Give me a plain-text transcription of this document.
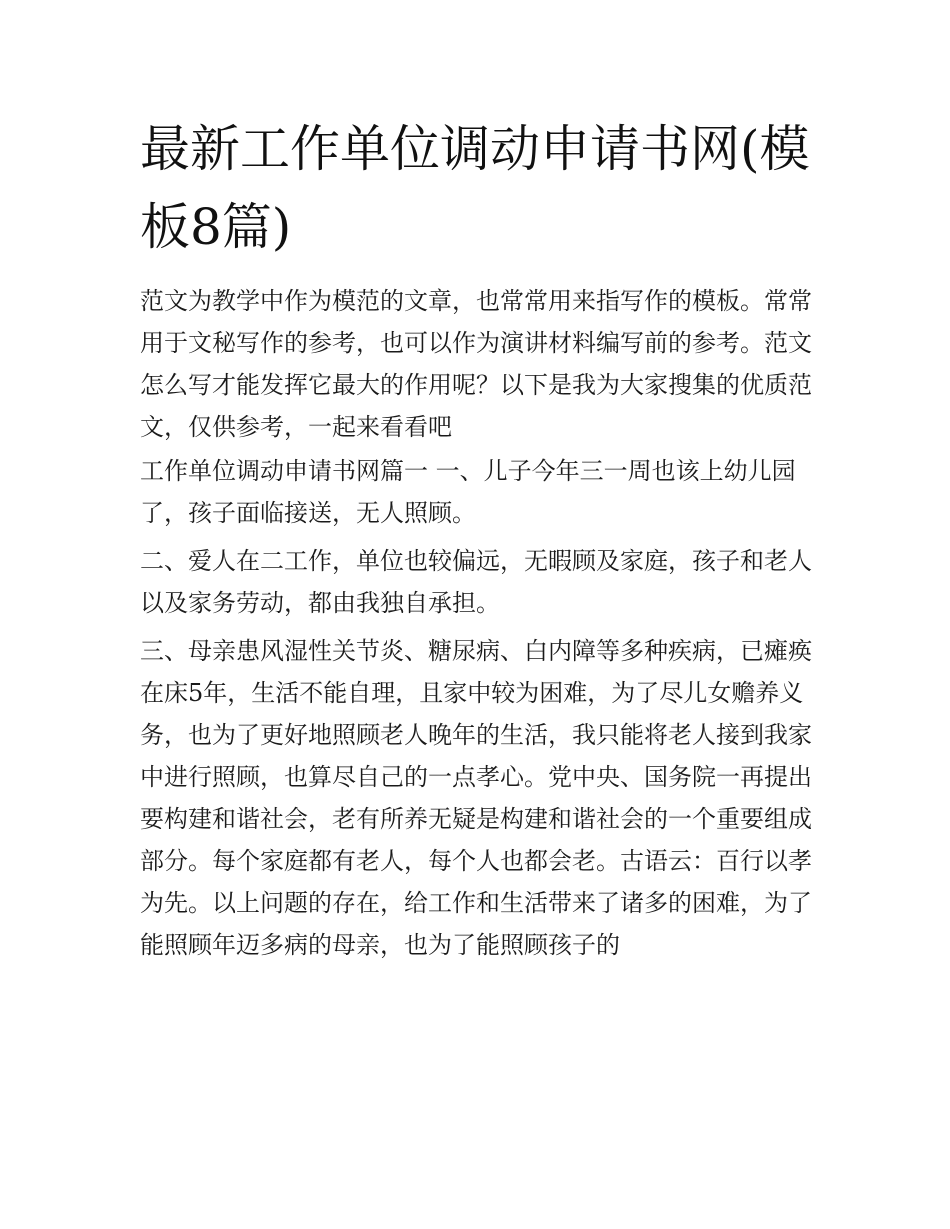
最新工作单位调动申请书网(模板8篇)

范文为教学中作为模范的文章，也常常用来指写作的模板。常常用于文秘写作的参考，也可以作为演讲材料编写前的参考。范文怎么写才能发挥它最大的作用呢？以下是我为大家搜集的优质范文，仅供参考，一起来看看吧

工作单位调动申请书网篇一 一、儿子今年三一周也该上幼儿园了，孩子面临接送，无人照顾。

二、爱人在二工作，单位也较偏远，无暇顾及家庭，孩子和老人以及家务劳动，都由我独自承担。

三、母亲患风湿性关节炎、糖尿病、白内障等多种疾病，已瘫痪在床5年，生活不能自理，且家中较为困难，为了尽儿女赡养义务，也为了更好地照顾老人晚年的生活，我只能将老人接到我家中进行照顾，也算尽自己的一点孝心。党中央、国务院一再提出要构建和谐社会，老有所养无疑是构建和谐社会的一个重要组成部分。每个家庭都有老人，每个人也都会老。古语云：百行以孝为先。以上问题的存在，给工作和生活带来了诸多的困难，为了能照顾年迈多病的母亲，也为了能照顾孩子的
